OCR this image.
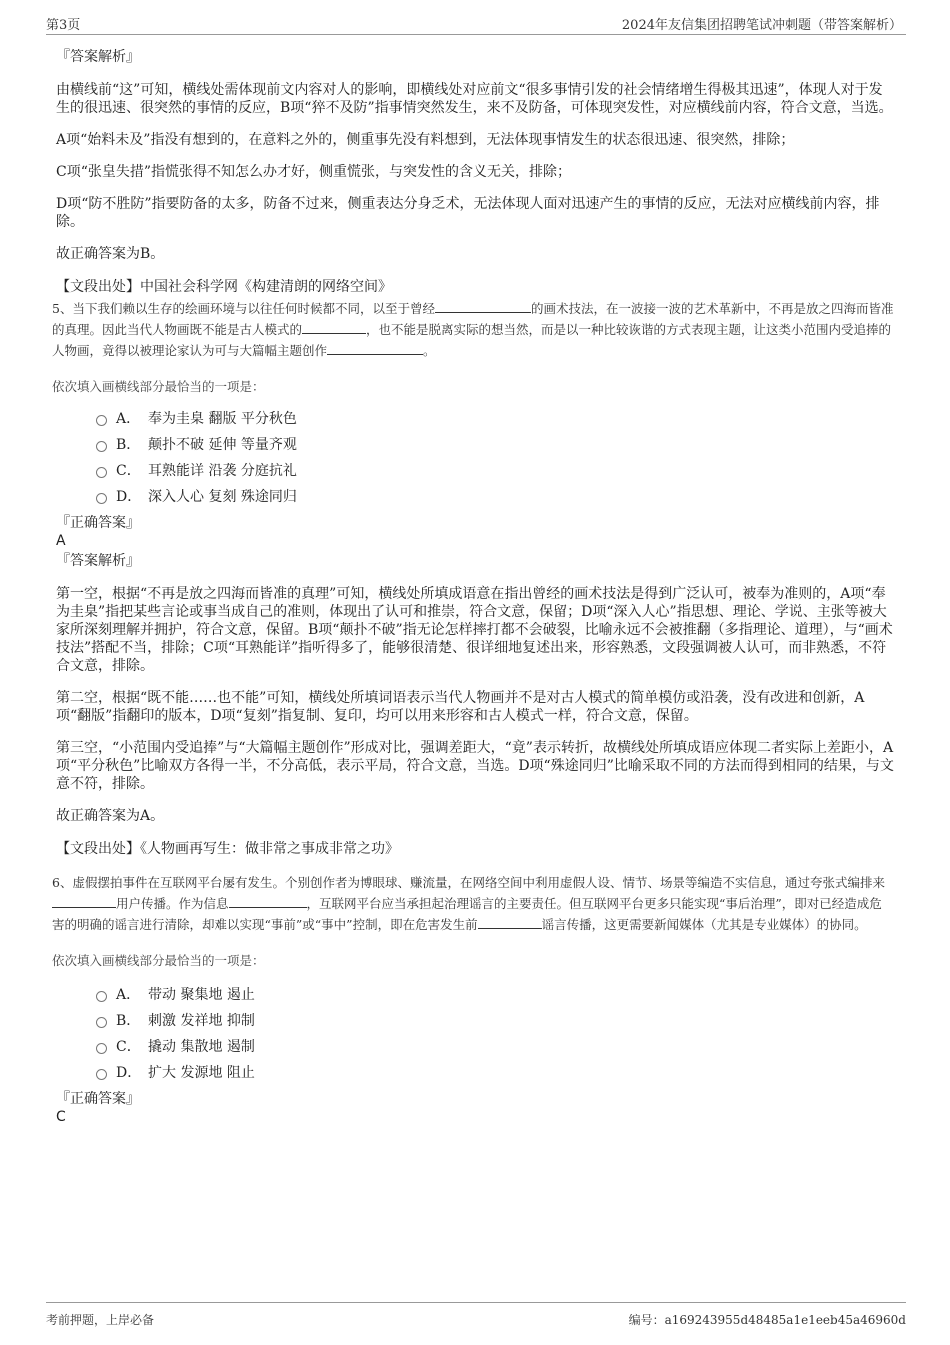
第3页	2024年友信集团招聘笔试冲刺题（带答案解析）

『答案解析』

由横线前“这”可知，横线处需体现前文内容对人的影响，即横线处对应前文“很多事情引发的社会情绪增生得极其迅速”，体现人对于发生的很迅速、很突然的事情的反应，B项“猝不及防”指事情突然发生，来不及防备，可体现突发性，对应横线前内容，符合文意，当选。

A项“始料未及”指没有想到的，在意料之外的，侧重事先没有料想到，无法体现事情发生的状态很迅速、很突然，排除；

C项“张皇失措”指慌张得不知怎么办才好，侧重慌张，与突发性的含义无关，排除；

D项“防不胜防”指要防备的太多，防备不过来，侧重表达分身乏术，无法体现人面对迅速产生的事情的反应，无法对应横线前内容，排除。

故正确答案为B。

【文段出处】中国社会科学网《构建清朗的网络空间》

5、当下我们赖以生存的绘画环境与以往任何时候都不同，以至于曾经	的画术技法，在一波接一波的艺术革新中，不再是放之四海而皆准的真理。因此当代人物画既不能是古人模式的	，也不能是脱离实际的想当然，而是以一种比较诙谐的方式表现主题，让这类小范围内受追捧的人物画，竟得以被理论家认为可与大篇幅主题创作	。

依次填入画横线部分最恰当的一项是：

A． 奉为圭臬 翻版 平分秋色
B． 颠扑不破 延伸 等量齐观
C． 耳熟能详 沿袭 分庭抗礼
D． 深入人心 复刻 殊途同归

『正确答案』

A

『答案解析』

第一空，根据“不再是放之四海而皆准的真理”可知，横线处所填成语意在指出曾经的画术技法是得到广泛认可，被奉为准则的，A项“奉为圭臬”指把某些言论或事当成自己的准则，体现出了认可和推崇，符合文意，保留；D项“深入人心”指思想、理论、学说、主张等被大家所深刻理解并拥护，符合文意，保留。B项“颠扑不破”指无论怎样摔打都不会破裂，比喻永远不会被推翻（多指理论、道理），与“画术技法”搭配不当，排除；C项“耳熟能详”指听得多了，能够很清楚、很详细地复述出来，形容熟悉，文段强调被人认可，而非熟悉，不符合文意，排除。

第二空，根据“既不能……也不能”可知，横线处所填词语表示当代人物画并不是对古人模式的简单模仿或沿袭，没有改进和创新，A项“翻版”指翻印的版本，D项“复刻”指复制、复印，均可以用来形容和古人模式一样，符合文意，保留。

第三空，“小范围内受追捧”与“大篇幅主题创作”形成对比，强调差距大，“竟”表示转折，故横线处所填成语应体现二者实际上差距小，A项“平分秋色”比喻双方各得一半，不分高低，表示平局，符合文意，当选。D项“殊途同归”比喻采取不同的方法而得到相同的结果，与文意不符，排除。

故正确答案为A。

【文段出处】《人物画再写生：做非常之事成非常之功》

6、虚假摆拍事件在互联网平台屡有发生。个别创作者为博眼球、赚流量，在网络空间中利用虚假人设、情节、场景等编造不实信息，通过夸张式编排来用户传播。作为信息	，互联网平台应当承担起治理谣言的主要责任。但互联网平台更多只能实现“事后治理”，即对已经造成危害的明确的谣言进行清除，却难以实现“事前”或“事中”控制，即在危害发生前	谣言传播，这更需要新闻媒体（尤其是专业媒体）的协同。

依次填入画横线部分最恰当的一项是：

A． 带动 聚集地 遏止
B． 刺激 发祥地 抑制
C． 撬动 集散地 遏制
D． 扩大 发源地 阻止

『正确答案』

C

考前押题，上岸必备	编号：a169243955d48485a1e1eeb45a46960d
